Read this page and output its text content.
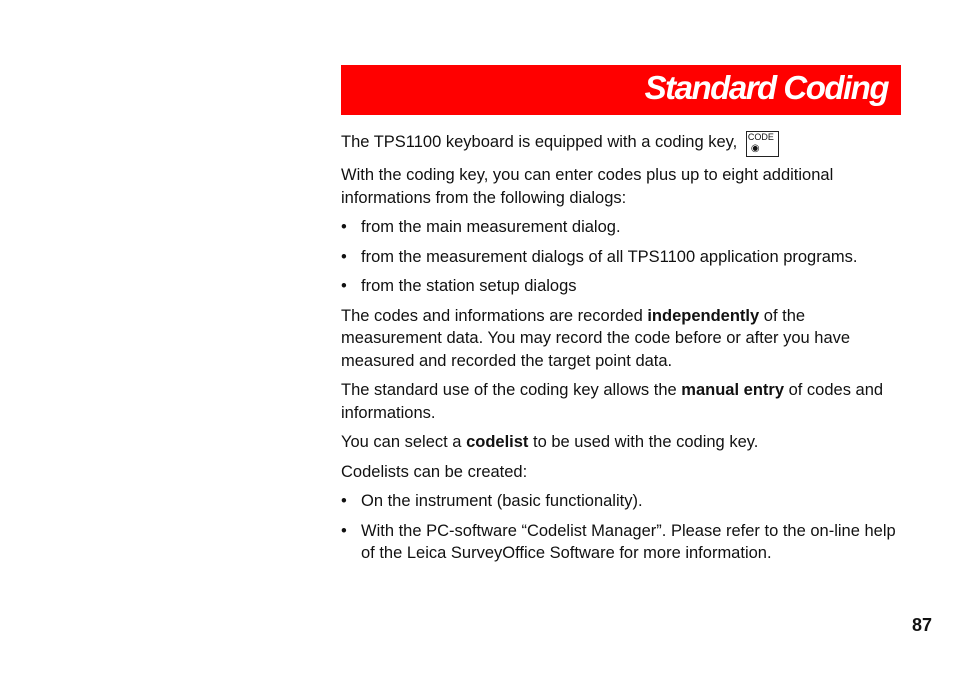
Standard Coding

The TPS1100 keyboard is equipped with a coding key, CODE
◉

With the coding key, you can enter codes plus up to eight additional informations from the following dialogs:

• from the main measurement dialog.
• from the measurement dialogs of all TPS1100 application programs.
• from the station setup dialogs

The codes and informations are recorded independently of the measurement data. You may record the code before or after you have measured and recorded the target point data.

The standard use of the coding key allows the manual entry of codes and informations.

You can select a codelist to be used with the coding key.

Codelists can be created:

• On the instrument (basic functionality).
• With the PC-software “Codelist Manager”. Please refer to the on-line help of the Leica SurveyOffice Software for more information.
87
